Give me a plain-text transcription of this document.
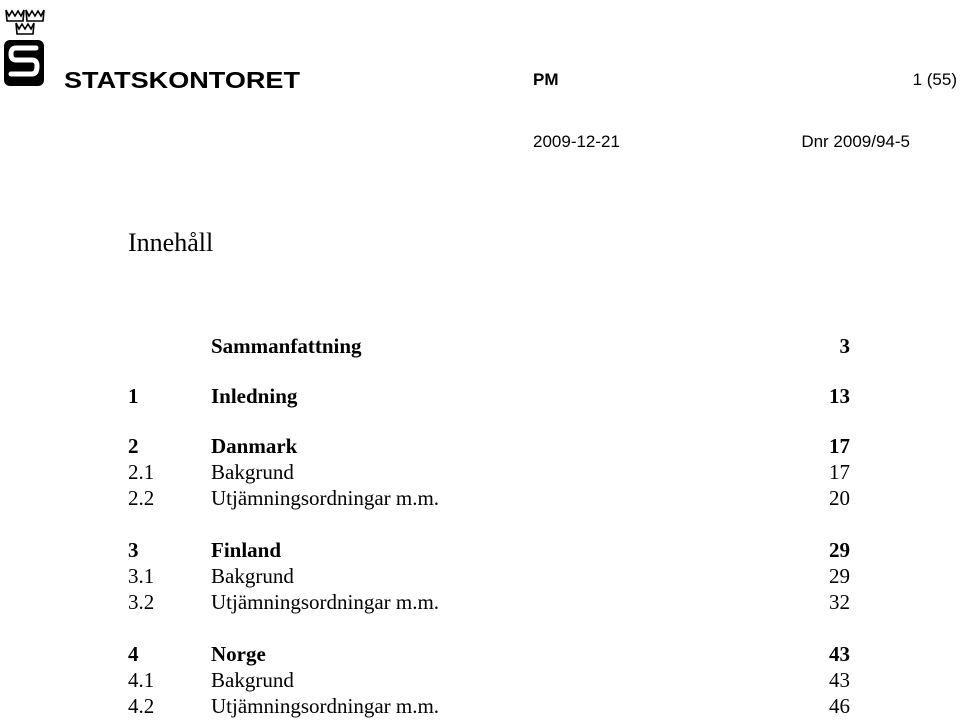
STATSKONTORET	PM	1 (55)
2009-12-21	Dnr 2009/94-5
Innehåll
Sammanfattning	3
1	Inledning	13
2	Danmark	17
2.1	Bakgrund	17
2.2	Utjämningsordningar m.m.	20
3	Finland	29
3.1	Bakgrund	29
3.2	Utjämningsordningar m.m.	32
4	Norge	43
4.1	Bakgrund	43
4.2	Utjämningsordningar m.m.	46
